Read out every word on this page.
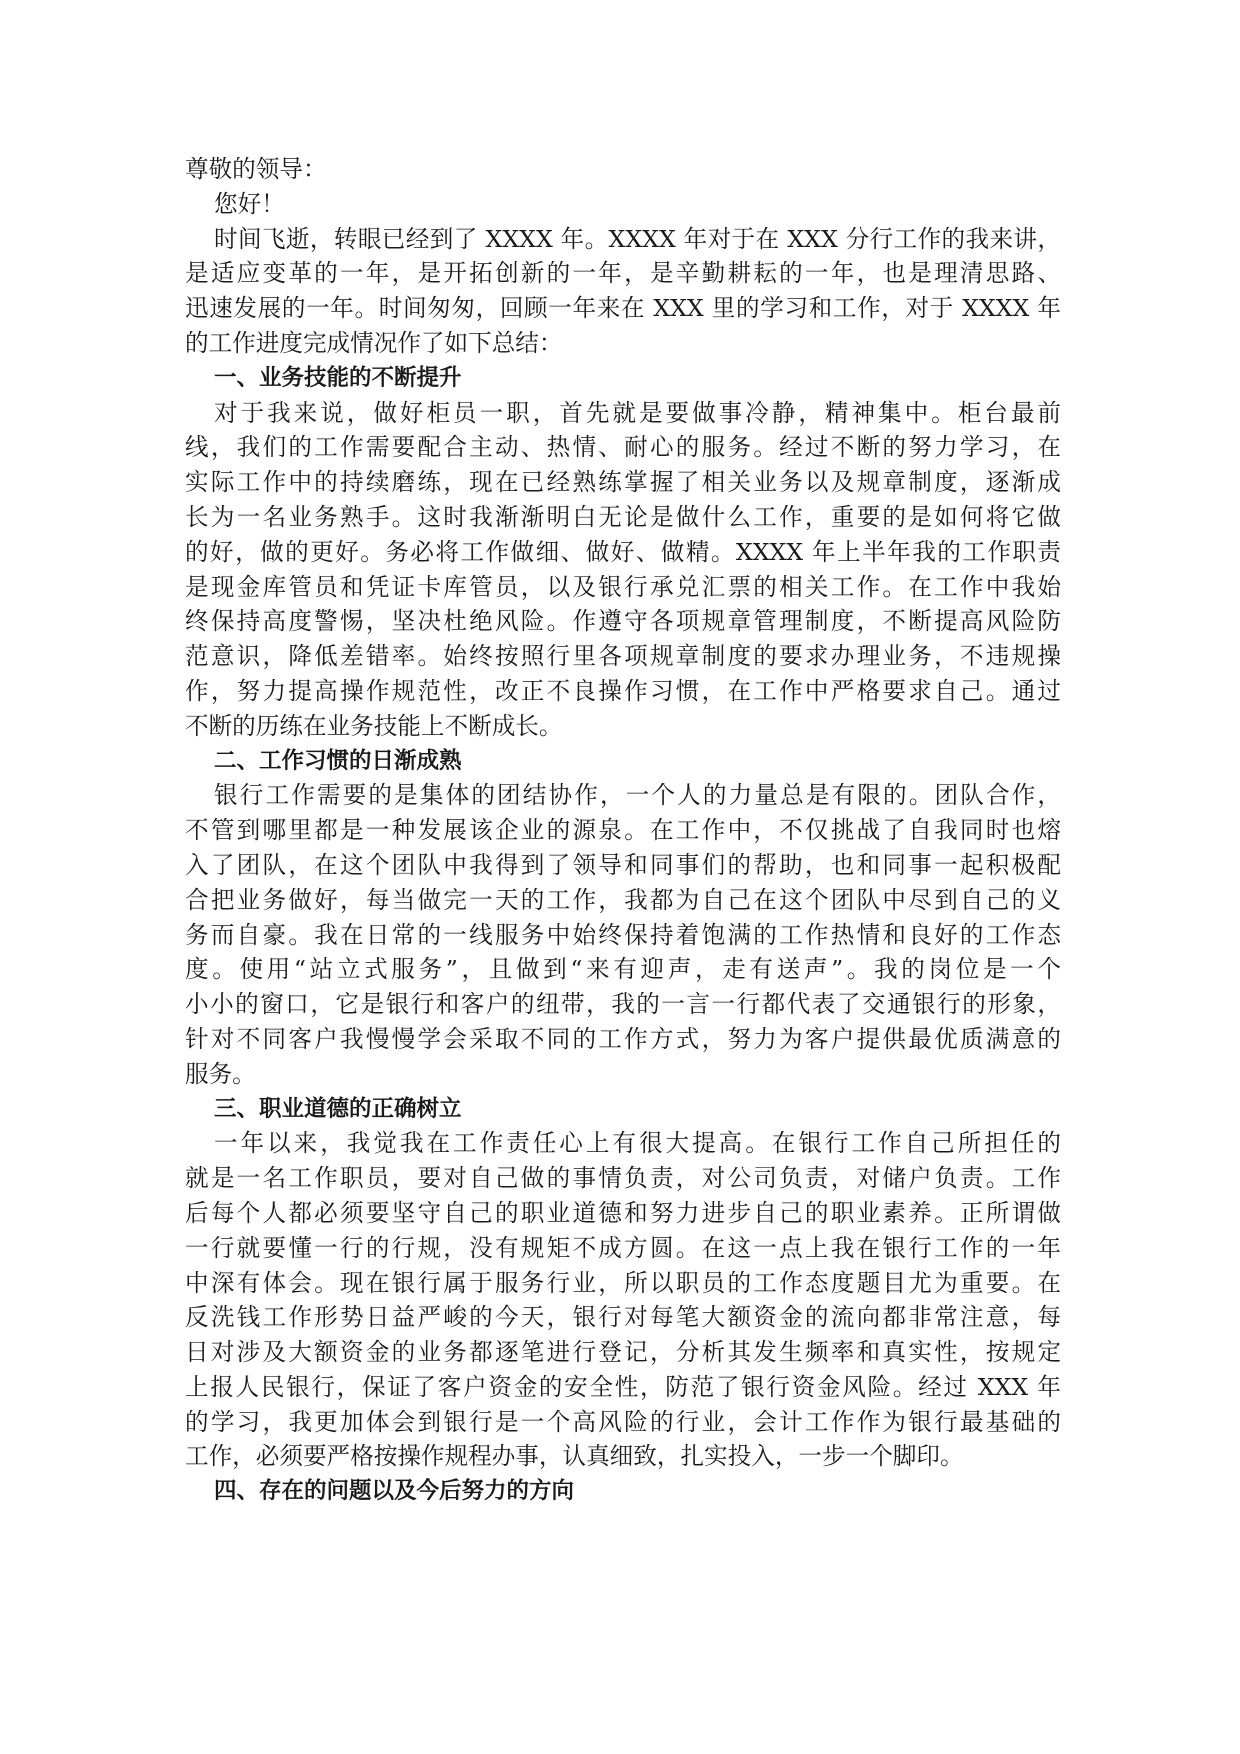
尊敬的领导：
您好！
时间飞逝，转眼已经到了 XXXX 年。XXXX 年对于在 XXX 分行工作的我来讲，
是适应变革的一年，是开拓创新的一年，是辛勤耕耘的一年，也是理清思路、
迅速发展的一年。时间匆匆，回顾一年来在 XXX 里的学习和工作，对于 XXXX 年
的工作进度完成情况作了如下总结：
一、业务技能的不断提升
对于我来说，做好柜员一职，首先就是要做事冷静，精神集中。柜台最前
线，我们的工作需要配合主动、热情、耐心的服务。经过不断的努力学习，在
实际工作中的持续磨练，现在已经熟练掌握了相关业务以及规章制度，逐渐成
长为一名业务熟手。这时我渐渐明白无论是做什么工作，重要的是如何将它做
的好，做的更好。务必将工作做细、做好、做精。XXXX 年上半年我的工作职责
是现金库管员和凭证卡库管员，以及银行承兑汇票的相关工作。在工作中我始
终保持高度警惕，坚决杜绝风险。作遵守各项规章管理制度，不断提高风险防
范意识，降低差错率。始终按照行里各项规章制度的要求办理业务，不违规操
作，努力提高操作规范性，改正不良操作习惯，在工作中严格要求自己。通过
不断的历练在业务技能上不断成长。
二、工作习惯的日渐成熟
银行工作需要的是集体的团结协作，一个人的力量总是有限的。团队合作，
不管到哪里都是一种发展该企业的源泉。在工作中，不仅挑战了自我同时也熔
入了团队，在这个团队中我得到了领导和同事们的帮助，也和同事一起积极配
合把业务做好，每当做完一天的工作，我都为自己在这个团队中尽到自己的义
务而自豪。我在日常的一线服务中始终保持着饱满的工作热情和良好的工作态
度。使用“站立式服务”，且做到“来有迎声，走有送声”。我的岗位是一个
小小的窗口，它是银行和客户的纽带，我的一言一行都代表了交通银行的形象，
针对不同客户我慢慢学会采取不同的工作方式，努力为客户提供最优质满意的
服务。
三、职业道德的正确树立
一年以来，我觉我在工作责任心上有很大提高。在银行工作自己所担任的
就是一名工作职员，要对自己做的事情负责，对公司负责，对储户负责。工作
后每个人都必须要坚守自己的职业道德和努力进步自己的职业素养。正所谓做
一行就要懂一行的行规，没有规矩不成方圆。在这一点上我在银行工作的一年
中深有体会。现在银行属于服务行业，所以职员的工作态度题目尤为重要。在
反洗钱工作形势日益严峻的今天，银行对每笔大额资金的流向都非常注意，每
日对涉及大额资金的业务都逐笔进行登记，分析其发生频率和真实性，按规定
上报人民银行，保证了客户资金的安全性，防范了银行资金风险。经过 XXX 年
的学习，我更加体会到银行是一个高风险的行业，会计工作作为银行最基础的
工作，必须要严格按操作规程办事，认真细致，扎实投入，一步一个脚印。
四、存在的问题以及今后努力的方向
